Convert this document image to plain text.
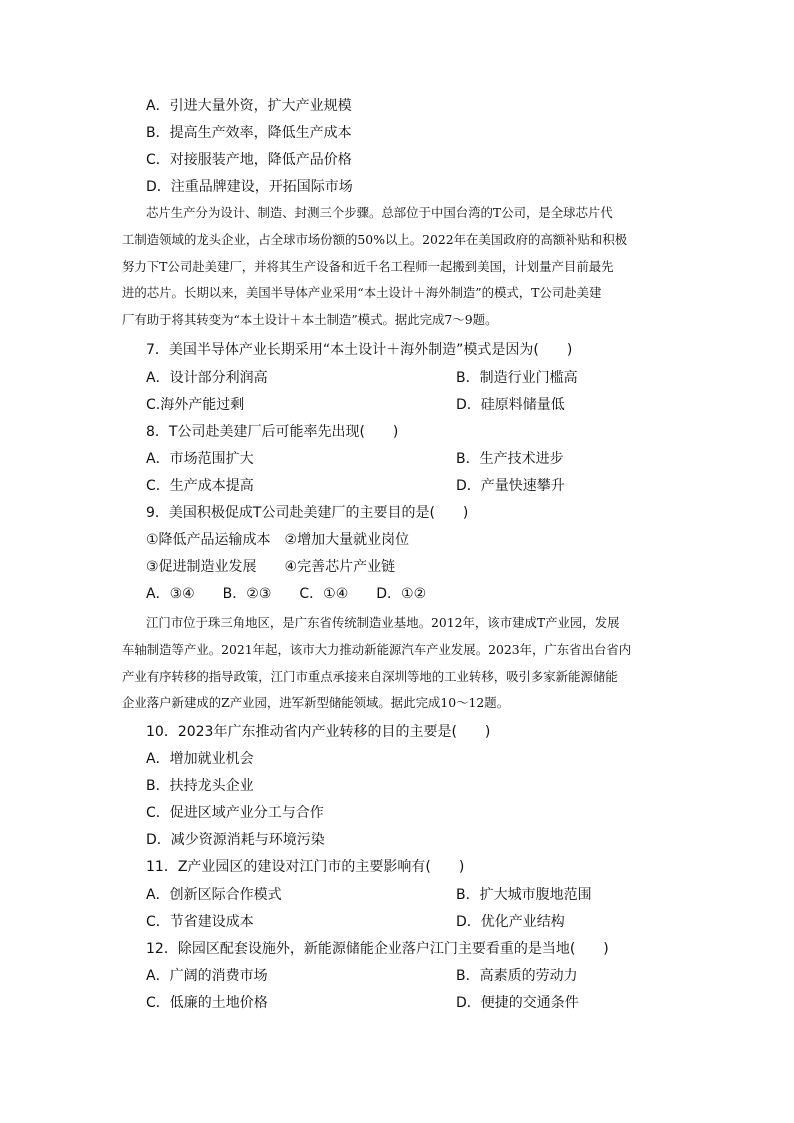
A．引进大量外资，扩大产业规模
B．提高生产效率，降低生产成本
C．对接服装产地，降低产品价格
D．注重品牌建设，开拓国际市场
芯片生产分为设计、制造、封测三个步骤。总部位于中国台湾的T公司，是全球芯片代
工制造领域的龙头企业，占全球市场份额的50%以上。2022年在美国政府的高额补贴和积极
努力下T公司赴美建厂，并将其生产设备和近千名工程师一起搬到美国，计划量产目前最先
进的芯片。长期以来，美国半导体产业采用“本土设计＋海外制造”的模式，T公司赴美建
厂有助于将其转变为“本土设计＋本土制造”模式。据此完成7～9题。
7．美国半导体产业长期采用“本土设计＋海外制造”模式是因为(　　)
A．设计部分利润高	B．制造行业门槛高
C.海外产能过剩	D．硅原料储量低
8．T公司赴美建厂后可能率先出现(　　)
A．市场范围扩大	B．生产技术进步
C．生产成本提高	D．产量快速攀升
9．美国积极促成T公司赴美建厂的主要目的是(　　)
①降低产品运输成本　②增加大量就业岗位
③促进制造业发展　　④完善芯片产业链
A．③④　　B．②③　　C．①④　　D．①②
江门市位于珠三角地区，是广东省传统制造业基地。2012年，该市建成T产业园，发展
车轴制造等产业。2021年起，该市大力推动新能源汽车产业发展。2023年，广东省出台省内
产业有序转移的指导政策，江门市重点承接来自深圳等地的工业转移，吸引多家新能源储能
企业落户新建成的Z产业园，进军新型储能领域。据此完成10～12题。
10．2023年广东推动省内产业转移的目的主要是(　　)
A．增加就业机会
B．扶持龙头企业
C．促进区域产业分工与合作
D．减少资源消耗与环境污染
11．Z产业园区的建设对江门市的主要影响有(　　)
A．创新区际合作模式	B．扩大城市腹地范围
C．节省建设成本	D．优化产业结构
12．除园区配套设施外，新能源储能企业落户江门主要看重的是当地(　　)
A．广阔的消费市场	B．高素质的劳动力
C．低廉的土地价格	D．便捷的交通条件
